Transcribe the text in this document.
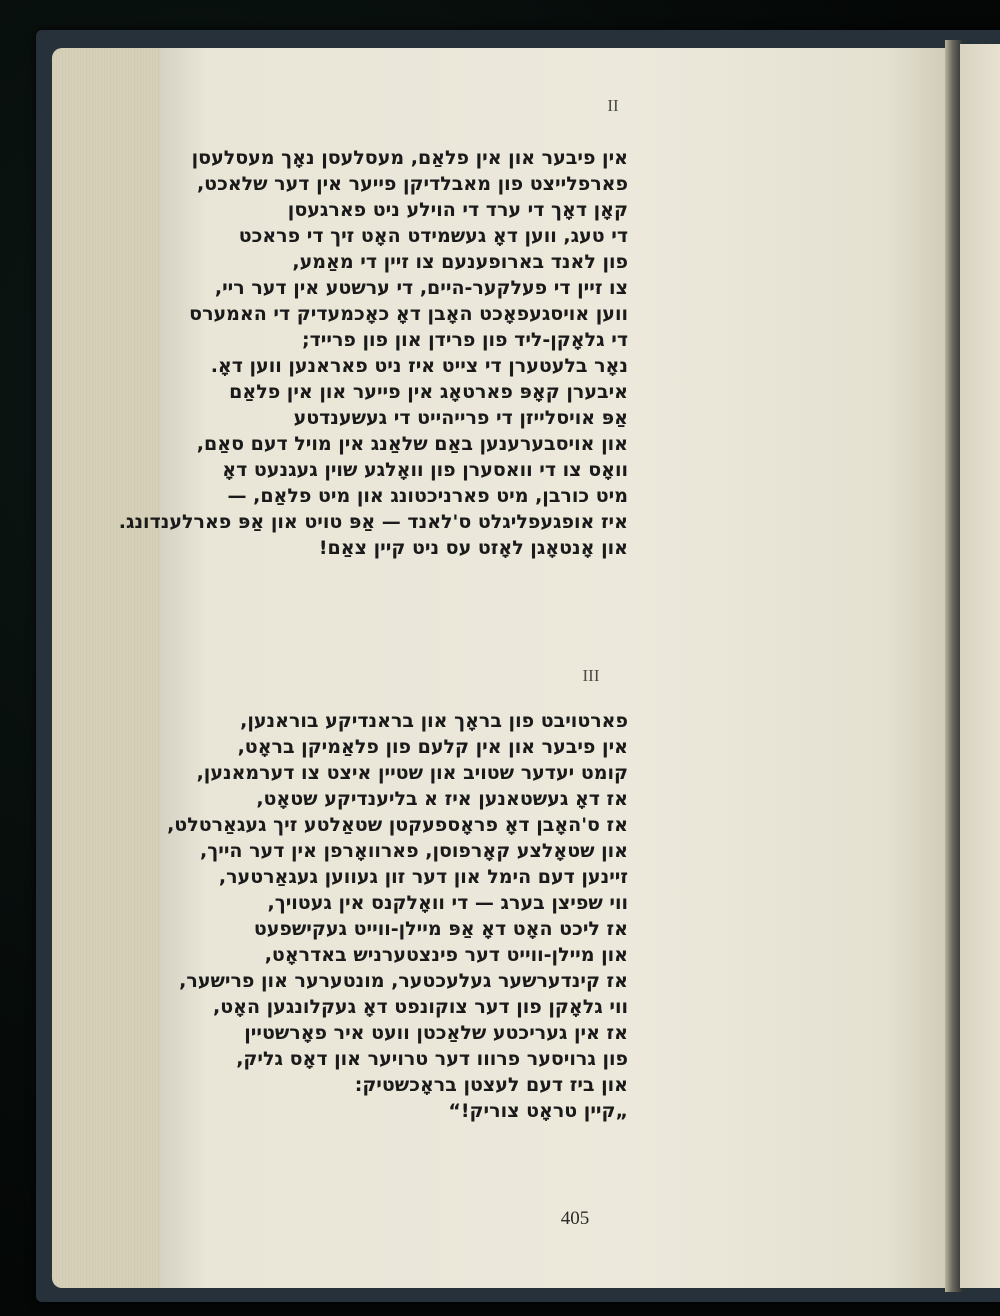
II
אין פיבער און אין פלאַם, מעסלעסן נאָך מעסלעסן
פארפלייצט פון מאבלדיקן פייער אין דער שלאכט,
קאָן דאָך די ערד די הוילע ניט פארגעסן
די טעג, ווען דאָ געשמידט האָט זיך די פראכט
פון לאנד בארופענעם צו זיין די מאַמע,
צו זיין די פעלקער-היים, די ערשטע אין דער ריי,
ווען אויסגעפאָכט האָבן דאָ כאָכמעדיק די האמערס
די גלאָקן-ליד פון פרידן און פון פרייד;
נאָר בלעטערן די צייט איז ניט פאראנען ווען דאָ.
איבערן קאָפּ פארטאָג אין פייער און אין פלאַם
אַפּ אויסלייזן די פרייהייט די געשענדטע
און אויסבערענען באַם שלאַנג אין מויל דעם סאַם,
וואָס צו די וואסערן פון וואָלגע שוין געגנעט דאָ
מיט כורבן, מיט פארניכטונג און מיט פלאַם, —
איז אופגעפליגלט ס'לאנד — אַפּ טויט און אַפּ פארלענדונג.
און אָנטאָגן לאָזט עס ניט קיין צאַם!
III
פארטויבט פון בראָך און בראנדיקע בוראנען,
אין פיבער און אין קלעם פון פלאַמיקן בראָט,
קומט יעדער שטויב און שטיין איצט צו דערמאנען,
אז דאָ געשטאנען איז א בליענדיקע שטאָט,
אז ס'האָבן דאָ פראָספעקטן שטאַלטע זיך געגאַרטלט,
און שטאָלצע קאָרפוסן, פארוואָרפן אין דער הייך,
זיינען דעם הימל און דער זון געווען געגאַרטער,
ווי שפיצן בערג — די וואָלקנס אין געטויך,
אז ליכט האָט דאָ אַפּ מיילן-ווייט געקישפעט
און מיילן-ווייט דער פינצטערניש באדראָט,
אז קינדערשער געלעכטער, מונטערער און פרישער,
ווי גלאָקן פון דער צוקונפט דאָ געקלונגען האָט,
אז אין געריכטע שלאַכטן וועט איר פאָרשטיין
פון גרויסער פרווו דער טרויער און דאָס גליק,
און ביז דעם לעצטן בראָכשטיק:
„קיין טראָט צוריק!“
405
